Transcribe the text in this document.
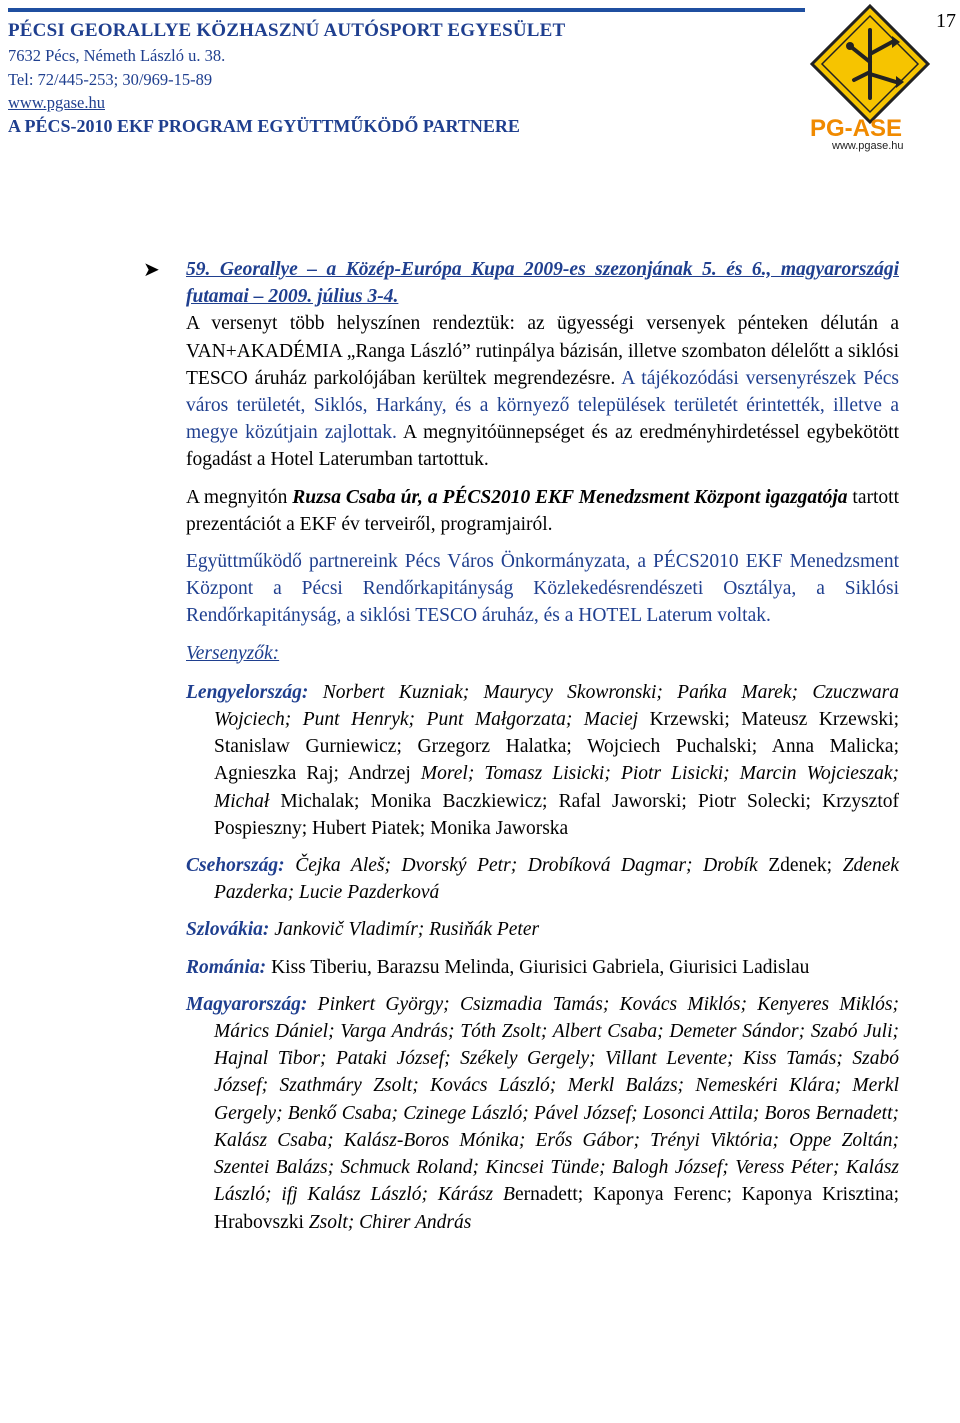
PÉCSI GEORALLYE KÖZHASZNÚ AUTÓSPORT EGYESÜLET
7632 Pécs, Németh László u. 38.
Tel: 72/445-253; 30/969-15-89
www.pgase.hu
A PÉCS-2010 EKF PROGRAM EGYÜTTMŰKÖDŐ PARTNERE
17
PG-ASE
www.pgase.hu
➤ 59. Georallye – a Közép-Európa Kupa 2009-es szezonjának 5. és 6., magyarországi futamai – 2009. július 3-4.

A versenyt több helyszínen rendeztük: az ügyességi versenyek pénteken délután a VAN+AKADÉMIA „Ranga László” rutinpálya bázisán, illetve szombaton délelőtt a siklósi TESCO áruház parkolójában kerültek megrendezésre. A tájékozódási versenyrészek Pécs város területét, Siklós, Harkány, és a környező települések területét érintették, illetve a megye közútjain zajlottak. A megnyitóünnepséget és az eredményhirdetéssel egybekötött fogadást a Hotel Laterumban tartottuk.

A megnyitón Ruzsa Csaba úr, a PÉCS2010 EKF Menedzsment Központ igazgatója tartott prezentációt a EKF év terveiről, programjairól.

Együttműködő partnereink Pécs Város Önkormányzata, a PÉCS2010 EKF Menedzsment Központ a Pécsi Rendőrkapitányság Közlekedésrendészeti Osztálya, a Siklósi Rendőrkapitányság, a siklósi TESCO áruház, és a HOTEL Laterum voltak.

Versenyzők:

Lengyelország: Norbert Kuzniak; Maurycy Skowronski; Pańka Marek; Czuczwara Wojciech; Punt Henryk; Punt Małgorzata; Maciej Krzewski; Mateusz Krzewski; Stanislaw Gurniewicz; Grzegorz Halatka; Wojciech Puchalski; Anna Malicka; Agnieszka Raj; Andrzej Morel; Tomasz Lisicki; Piotr Lisicki; Marcin Wojcieszak; Michał Michalak; Monika Baczkiewicz; Rafal Jaworski; Piotr Solecki; Krzysztof Pospieszny; Hubert Piatek; Monika Jaworska

Csehország: Čejka Aleš; Dvorský Petr; Drobíková Dagmar; Drobík Zdenek; Zdenek Pazderka; Lucie Pazderková

Szlovákia: Jankovič Vladimír; Rusiňák Peter

Románia: Kiss Tiberiu, Barazsu Melinda, Giurisici Gabriela, Giurisici Ladislau

Magyarország: Pinkert György; Csizmadia Tamás; Kovács Miklós; Kenyeres Miklós; Márics Dániel; Varga András; Tóth Zsolt; Albert Csaba; Demeter Sándor; Szabó Juli; Hajnal Tibor; Pataki József; Székely Gergely; Villant Levente; Kiss Tamás; Szabó József; Szathmáry Zsolt; Kovács László; Merkl Balázs; Nemeskéri Klára; Merkl Gergely; Benkő Csaba; Czinege László; Pável József; Losonci Attila; Boros Bernadett; Kalász Csaba; Kalász-Boros Mónika; Erős Gábor; Trényi Viktória; Oppe Zoltán; Szentei Balázs; Schmuck Roland; Kincsei Tünde; Balogh József; Veress Péter; Kalász László; ifj Kalász László; Kárász Bernadett; Kaponya Ferenc; Kaponya Krisztina; Hrabovszki Zsolt; Chirer András
